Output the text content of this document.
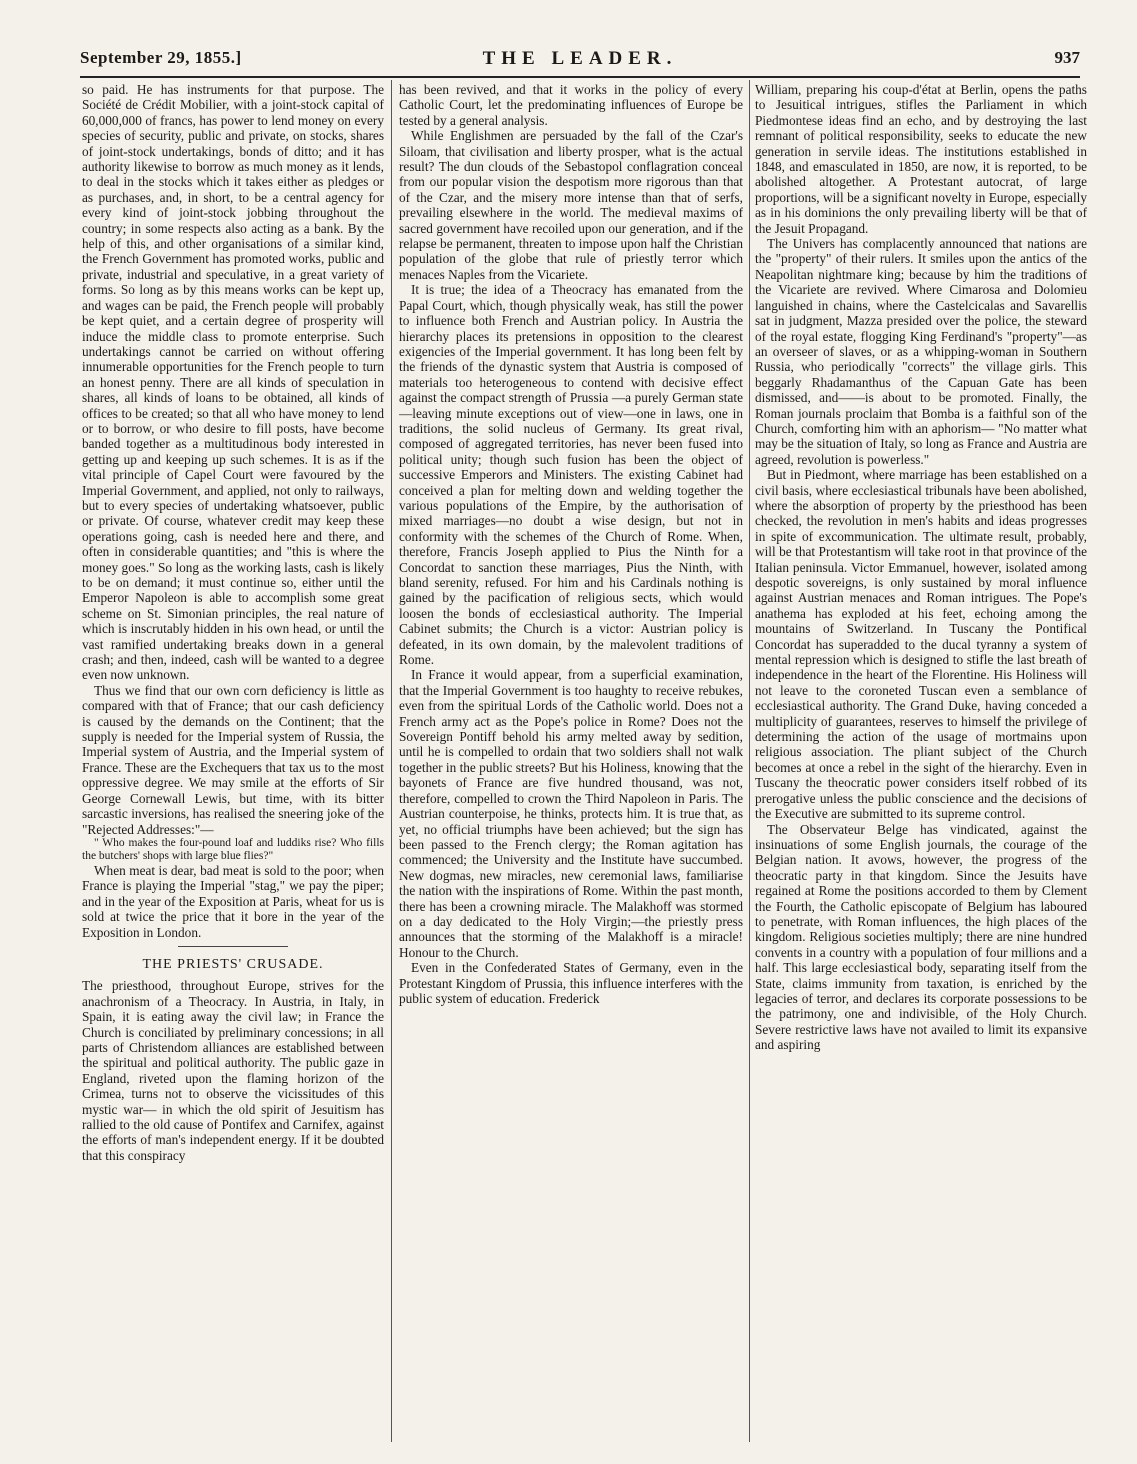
September 29, 1855.]	THE LEADER.	937

so paid. He has instruments for that purpose. The Société de Crédit Mobilier, with a joint-stock capital of 60,000,000 of francs, has power to lend money on every species of security, public and private, on stocks, shares of joint-stock undertakings, bonds of ditto; and it has authority likewise to borrow as much money as it lends, to deal in the stocks which it takes either as pledges or as purchases, and, in short, to be a central agency for every kind of joint-stock jobbing throughout the country; in some respects also acting as a bank. By the help of this, and other organisations of a similar kind, the French Government has promoted works, public and private, industrial and speculative, in a great variety of forms. So long as by this means works can be kept up, and wages can be paid, the French people will probably be kept quiet, and a certain degree of prosperity will induce the middle class to promote enterprise. Such undertakings cannot be carried on without offering innumerable opportunities for the French people to turn an honest penny. There are all kinds of speculation in shares, all kinds of loans to be obtained, all kinds of offices to be created; so that all who have money to lend or to borrow, or who desire to fill posts, have become banded together as a multitudinous body interested in getting up and keeping up such schemes. It is as if the vital principle of Capel Court were favoured by the Imperial Government, and applied, not only to railways, but to every species of undertaking whatsoever, public or private. Of course, whatever credit may keep these operations going, cash is needed here and there, and often in considerable quantities; and "this is where the money goes." So long as the working lasts, cash is likely to be on demand; it must continue so, either until the Emperor Napoleon is able to accomplish some great scheme on St. Simonian principles, the real nature of which is inscrutably hidden in his own head, or until the vast ramified undertaking breaks down in a general crash; and then, indeed, cash will be wanted to a degree even now unknown.

Thus we find that our own corn deficiency is little as compared with that of France; that our cash deficiency is caused by the demands on the Continent; that the supply is needed for the Imperial system of Russia, the Imperial system of Austria, and the Imperial system of France. These are the Exchequers that tax us to the most oppressive degree. We may smile at the efforts of Sir George Cornewall Lewis, but time, with its bitter sarcastic inversions, has realised the sneering joke of the "Rejected Addresses:"—

" Who makes the four-pound loaf and luddiks rise? Who fills the butchers' shops with large blue flies?"

When meat is dear, bad meat is sold to the poor; when France is playing the Imperial "stag," we pay the piper; and in the year of the Exposition at Paris, wheat for us is sold at twice the price that it bore in the year of the Exposition in London.

THE PRIESTS' CRUSADE.

The priesthood, throughout Europe, strives for the anachronism of a Theocracy. In Austria, in Italy, in Spain, it is eating away the civil law; in France the Church is conciliated by preliminary concessions; in all parts of Christendom alliances are established between the spiritual and political authority. The public gaze in England, riveted upon the flaming horizon of the Crimea, turns not to observe the vicissitudes of this mystic war— in which the old spirit of Jesuitism has rallied to the old cause of Pontifex and Carnifex, against the efforts of man's independent energy. If it be doubted that this conspiracy

has been revived, and that it works in the policy of every Catholic Court, let the predominating influences of Europe be tested by a general analysis.

While Englishmen are persuaded by the fall of the Czar's Siloam, that civilisation and liberty prosper, what is the actual result? The dun clouds of the Sebastopol conflagration conceal from our popular vision the despotism more rigorous than that of the Czar, and the misery more intense than that of serfs, prevailing elsewhere in the world. The medieval maxims of sacred government have recoiled upon our generation, and if the relapse be permanent, threaten to impose upon half the Christian population of the globe that rule of priestly terror which menaces Naples from the Vicariete.

It is true; the idea of a Theocracy has emanated from the Papal Court, which, though physically weak, has still the power to influence both French and Austrian policy. In Austria the hierarchy places its pretensions in opposition to the clearest exigencies of the Imperial government. It has long been felt by the friends of the dynastic system that Austria is composed of materials too heterogeneous to contend with decisive effect against the compact strength of Prussia —a purely German state—leaving minute exceptions out of view—one in laws, one in traditions, the solid nucleus of Germany. Its great rival, composed of aggregated territories, has never been fused into political unity; though such fusion has been the object of successive Emperors and Ministers. The existing Cabinet had conceived a plan for melting down and welding together the various populations of the Empire, by the authorisation of mixed marriages—no doubt a wise design, but not in conformity with the schemes of the Church of Rome. When, therefore, Francis Joseph applied to Pius the Ninth for a Concordat to sanction these marriages, Pius the Ninth, with bland serenity, refused. For him and his Cardinals nothing is gained by the pacification of religious sects, which would loosen the bonds of ecclesiastical authority. The Imperial Cabinet submits; the Church is a victor: Austrian policy is defeated, in its own domain, by the malevolent traditions of Rome.

In France it would appear, from a superficial examination, that the Imperial Government is too haughty to receive rebukes, even from the spiritual Lords of the Catholic world. Does not a French army act as the Pope's police in Rome? Does not the Sovereign Pontiff behold his army melted away by sedition, until he is compelled to ordain that two soldiers shall not walk together in the public streets? But his Holiness, knowing that the bayonets of France are five hundred thousand, was not, therefore, compelled to crown the Third Napoleon in Paris. The Austrian counterpoise, he thinks, protects him. It is true that, as yet, no official triumphs have been achieved; but the sign has been passed to the French clergy; the Roman agitation has commenced; the University and the Institute have succumbed. New dogmas, new miracles, new ceremonial laws, familiarise the nation with the inspirations of Rome. Within the past month, there has been a crowning miracle. The Malakhoff was stormed on a day dedicated to the Holy Virgin;—the priestly press announces that the storming of the Malakhoff is a miracle! Honour to the Church.

Even in the Confederated States of Germany, even in the Protestant Kingdom of Prussia, this influence interferes with the public system of education. Frederick

William, preparing his coup-d'état at Berlin, opens the paths to Jesuitical intrigues, stifles the Parliament in which Piedmontese ideas find an echo, and by destroying the last remnant of political responsibility, seeks to educate the new generation in servile ideas. The institutions established in 1848, and emasculated in 1850, are now, it is reported, to be abolished altogether. A Protestant autocrat, of large proportions, will be a significant novelty in Europe, especially as in his dominions the only prevailing liberty will be that of the Jesuit Propagand.

The Univers has complacently announced that nations are the "property" of their rulers. It smiles upon the antics of the Neapolitan nightmare king; because by him the traditions of the Vicariete are revived. Where Cimarosa and Dolomieu languished in chains, where the Castelcicalas and Savarellis sat in judgment, Mazza presided over the police, the steward of the royal estate, flogging King Ferdinand's "property"—as an overseer of slaves, or as a whipping-woman in Southern Russia, who periodically "corrects" the village girls. This beggarly Rhadamanthus of the Capuan Gate has been dismissed, and——is about to be promoted. Finally, the Roman journals proclaim that Bomba is a faithful son of the Church, comforting him with an aphorism— "No matter what may be the situation of Italy, so long as France and Austria are agreed, revolution is powerless."

But in Piedmont, where marriage has been established on a civil basis, where ecclesiastical tribunals have been abolished, where the absorption of property by the priesthood has been checked, the revolution in men's habits and ideas progresses in spite of excommunication. The ultimate result, probably, will be that Protestantism will take root in that province of the Italian peninsula. Victor Emmanuel, however, isolated among despotic sovereigns, is only sustained by moral influence against Austrian menaces and Roman intrigues. The Pope's anathema has exploded at his feet, echoing among the mountains of Switzerland. In Tuscany the Pontifical Concordat has superadded to the ducal tyranny a system of mental repression which is designed to stifle the last breath of independence in the heart of the Florentine. His Holiness will not leave to the coroneted Tuscan even a semblance of ecclesiastical authority. The Grand Duke, having conceded a multiplicity of guarantees, reserves to himself the privilege of determining the action of the usage of mortmains upon religious association. The pliant subject of the Church becomes at once a rebel in the sight of the hierarchy. Even in Tuscany the theocratic power considers itself robbed of its prerogative unless the public conscience and the decisions of the Executive are submitted to its supreme control.

The Observateur Belge has vindicated, against the insinuations of some English journals, the courage of the Belgian nation. It avows, however, the progress of the theocratic party in that kingdom. Since the Jesuits have regained at Rome the positions accorded to them by Clement the Fourth, the Catholic episcopate of Belgium has laboured to penetrate, with Roman influences, the high places of the kingdom. Religious societies multiply; there are nine hundred convents in a country with a population of four millions and a half. This large ecclesiastical body, separating itself from the State, claims immunity from taxation, is enriched by the legacies of terror, and declares its corporate possessions to be the patrimony, one and indivisible, of the Holy Church. Severe restrictive laws have not availed to limit its expansive and aspiring
